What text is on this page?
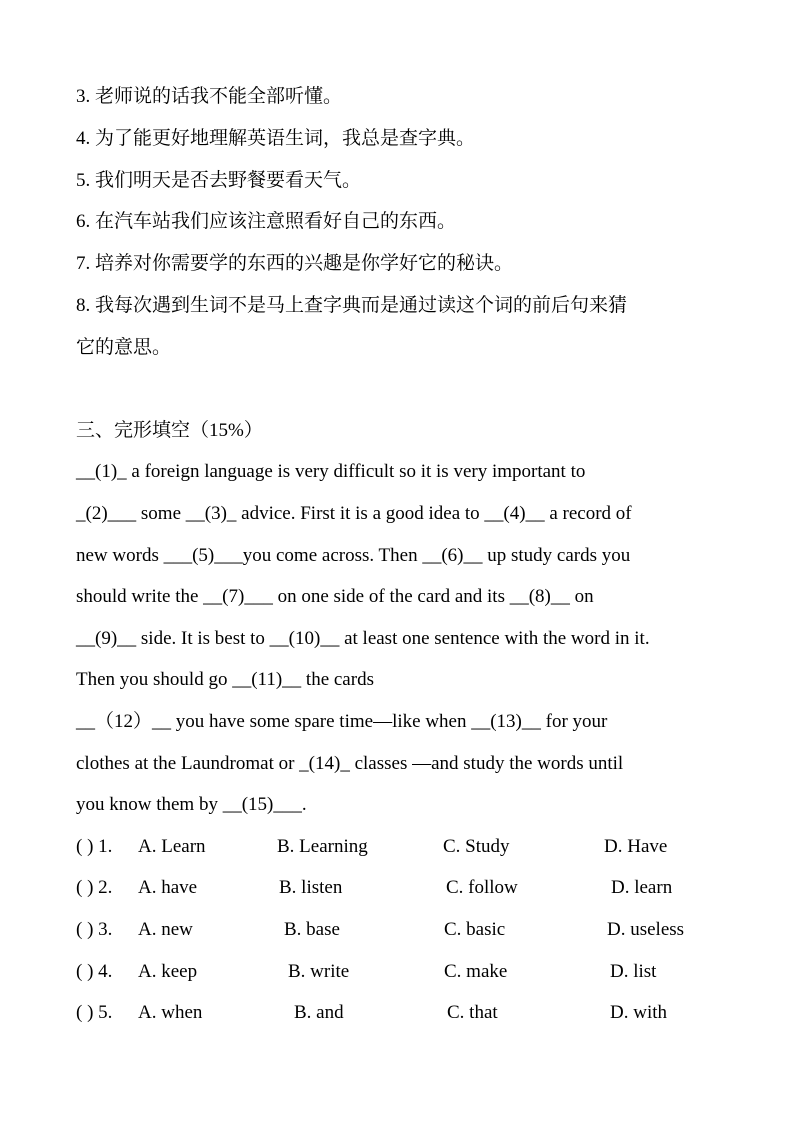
3. 老师说的话我不能全部听懂。
4. 为了能更好地理解英语生词，我总是查字典。
5. 我们明天是否去野餐要看天气。
6. 在汽车站我们应该注意照看好自己的东西。
7. 培养对你需要学的东西的兴趣是你学好它的秘诀。
8. 我每次遇到生词不是马上查字典而是通过读这个词的前后句来猜
它的意思。
三、完形填空（15%）
__(1)_ a foreign language is very difficult so it is very important to
_(2)___ some __(3)_ advice. First it is a good idea to __(4)__ a record of
new words ___(5)___you come across. Then __(6)__ up study cards you
should write the __(7)___ on one side of the card and its __(8)__ on
__(9)__ side. It is best to __(10)__ at least one sentence with the word in it.
Then you should go __(11)__ the cards
__（12）__ you have some spare time—like when __(13)__ for your
clothes at the Laundromat or _(14)_ classes —and study the words until
you know them by __(15)___.
( ) 1. A. Learn	B. Learning	C. Study	D. Have
( ) 2. A. have	B. listen	C. follow	D. learn
( ) 3. A. new	B. base	C. basic	D. useless
( ) 4. A. keep	B. write	C. make	D. list
( ) 5. A. when	B. and	C. that	D. with
